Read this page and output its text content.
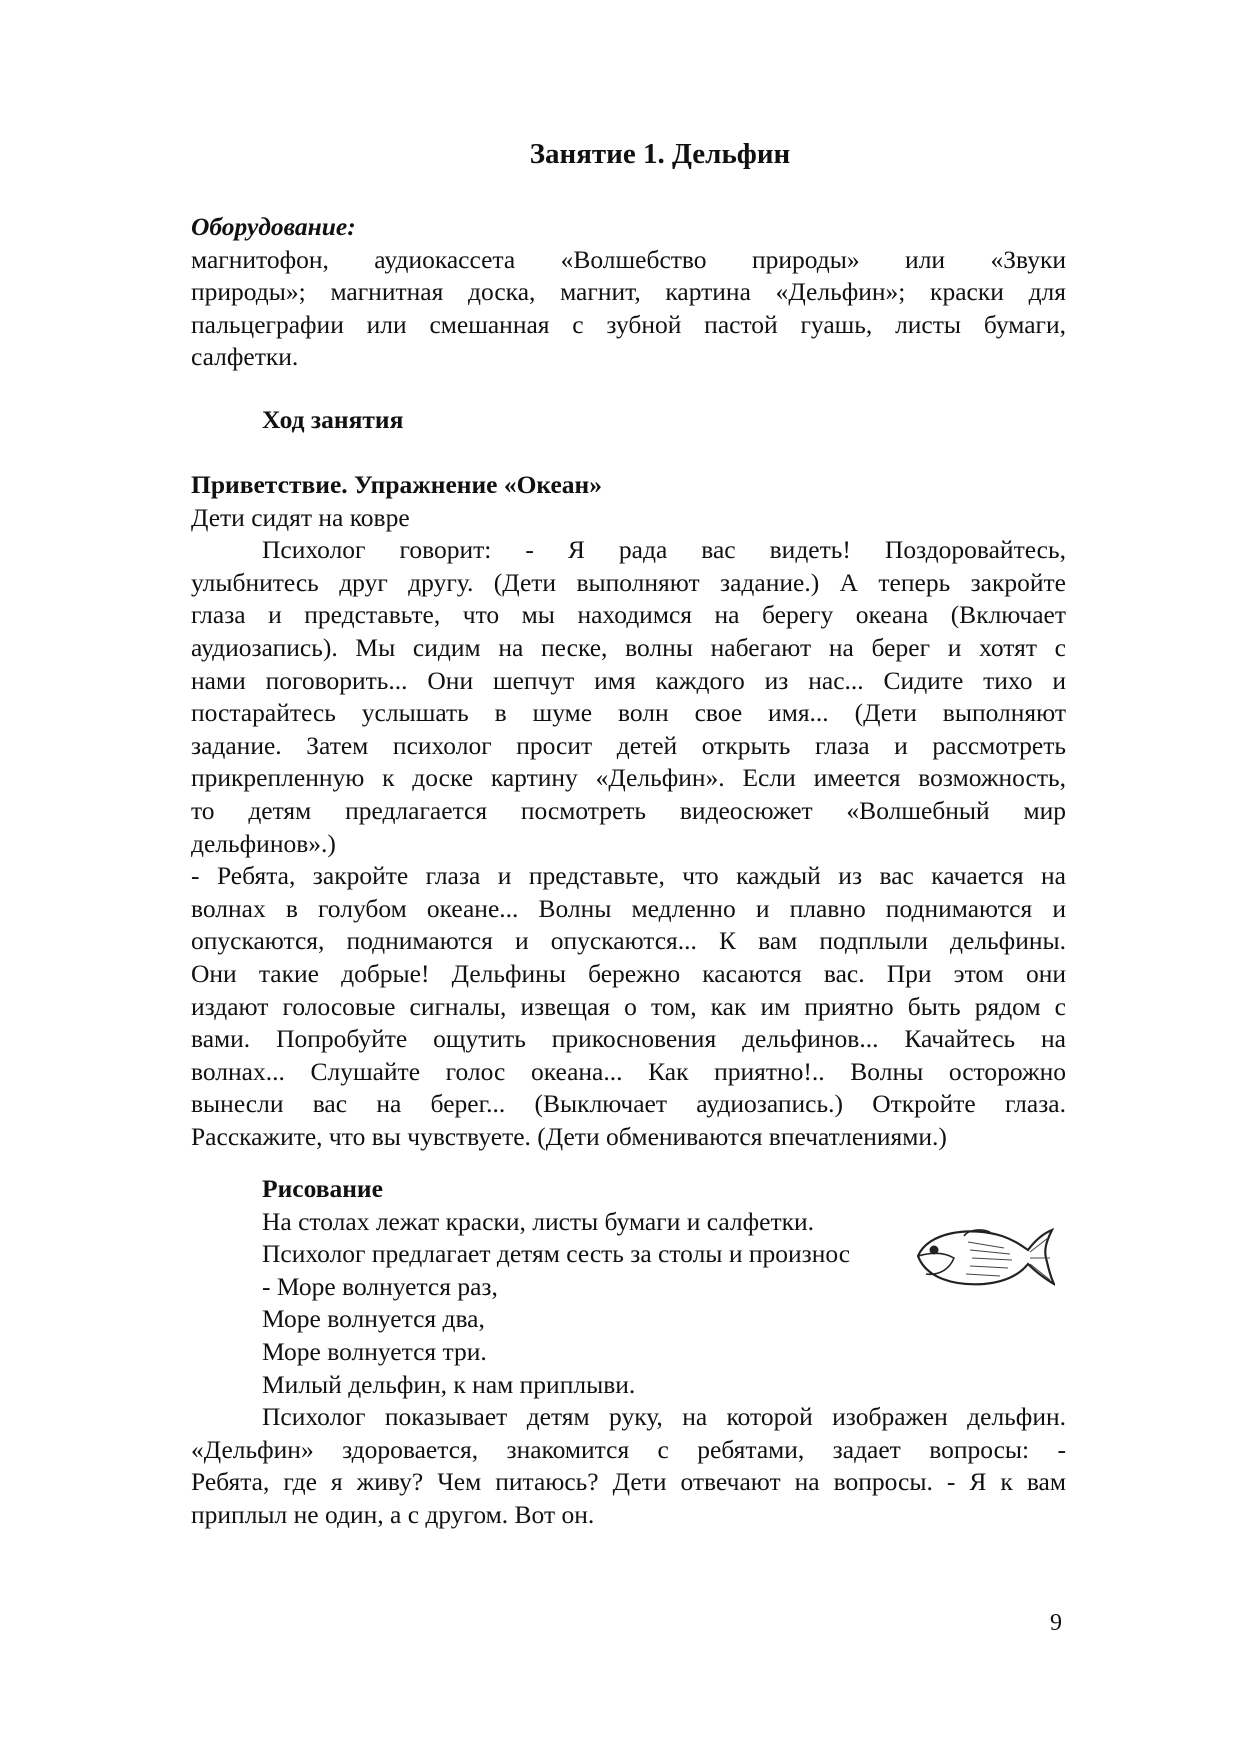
Занятие 1. Дельфин
Оборудование:
магнитофон, аудиокассета «Волшебство природы» или «Звуки
природы»; магнитная доска, магнит, картина «Дельфин»; краски для
пальцеграфии или смешанная с зубной пастой гуашь, листы бумаги,
салфетки.
Ход занятия
Приветствие. Упражнение «Океан»
Дети сидят на ковре
Психолог говорит: - Я рада вас видеть! Поздоровайтесь,
улыбнитесь друг другу. (Дети выполняют задание.) А теперь закройте
глаза и представьте, что мы находимся на берегу океана (Включает
аудиозапись). Мы сидим на песке, волны набегают на берег и хотят с
нами поговорить... Они шепчут имя каждого из нас... Сидите тихо и
постарайтесь услышать в шуме волн свое имя... (Дети выполняют
задание. Затем психолог просит детей открыть глаза и рассмотреть
прикрепленную к доске картину «Дельфин». Если имеется возможность,
то детям предлагается посмотреть видеосюжет «Волшебный мир
дельфинов».)
- Ребята, закройте глаза и представьте, что каждый из вас качается на
волнах в голубом океане... Волны медленно и плавно поднимаются и
опускаются, поднимаются и опускаются... К вам подплыли дельфины.
Они такие добрые! Дельфины бережно касаются вас. При этом они
издают голосовые сигналы, извещая о том, как им приятно быть рядом с
вами. Попробуйте ощутить прикосновения дельфинов... Качайтесь на
волнах... Слушайте голос океана... Как приятно!.. Волны осторожно
вынесли вас на берег... (Выключает аудиозапись.) Откройте глаза.
Расскажите, что вы чувствуете. (Дети обмениваются впечатлениями.)
Рисование
На столах лежат краски, листы бумаги и салфетки.
Психолог предлагает детям сесть за столы и произнос
- Море волнуется раз,
Море волнуется два,
Море волнуется три.
Милый дельфин, к нам приплыви.
Психолог показывает детям руку, на которой изображен дельфин.
«Дельфин» здоровается, знакомится с ребятами, задает вопросы: -
Ребята, где я живу? Чем питаюсь? Дети отвечают на вопросы. - Я к вам
приплыл не один, а с другом. Вот он.
9
